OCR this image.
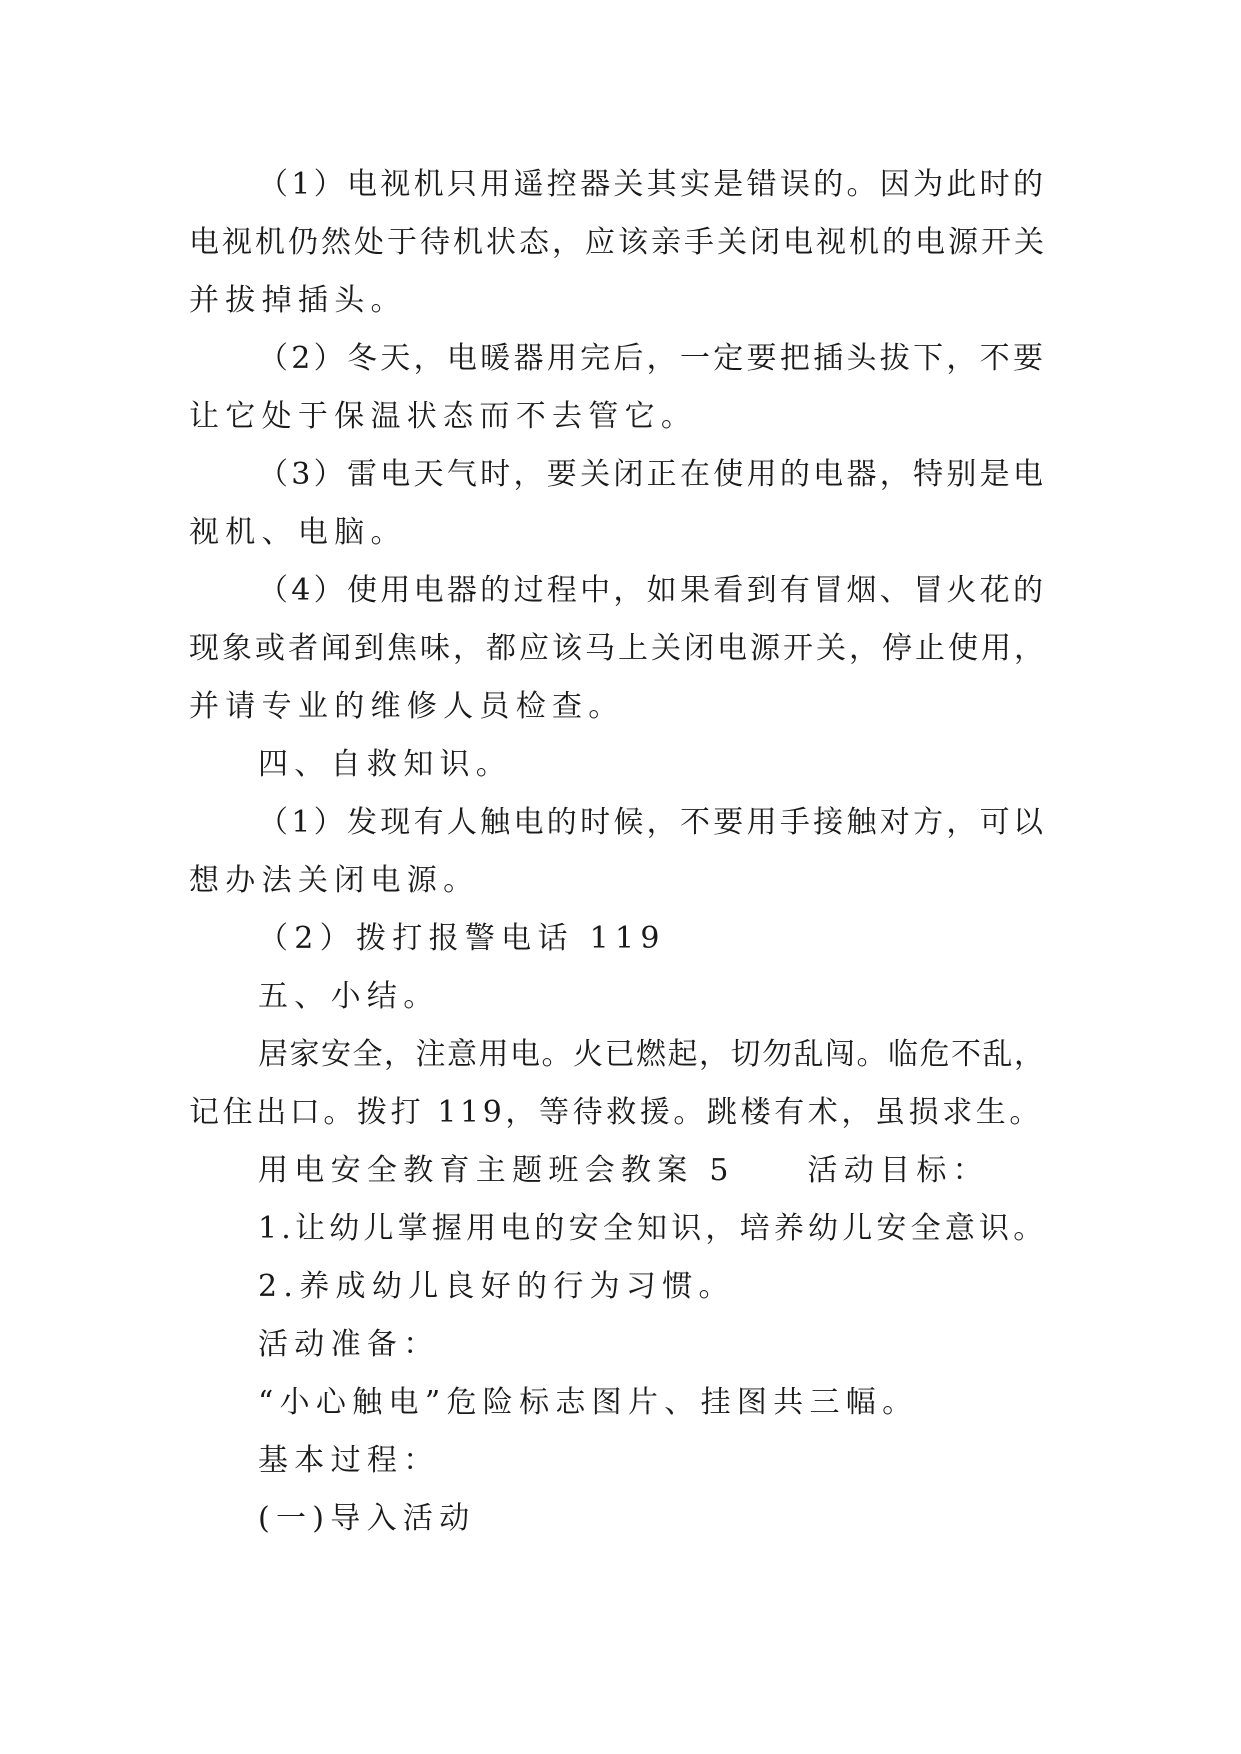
（1）电视机只用遥控器关其实是错误的。因为此时的
电视机仍然处于待机状态，应该亲手关闭电视机的电源开关
并拔掉插头。
（2）冬天，电暖器用完后，一定要把插头拔下，不要
让它处于保温状态而不去管它。
（3）雷电天气时，要关闭正在使用的电器，特别是电
视机、电脑。
（4）使用电器的过程中，如果看到有冒烟、冒火花的
现象或者闻到焦味，都应该马上关闭电源开关，停止使用，
并请专业的维修人员检查。
四、自救知识。
（1）发现有人触电的时候，不要用手接触对方，可以
想办法关闭电源。
（2）拨打报警电话 119
五、小结。
居家安全，注意用电。火已燃起，切勿乱闯。临危不乱，
记住出口。拨打 119，等待救援。跳楼有术，虽损求生。
用电安全教育主题班会教案 5　　活动目标：
1.让幼儿掌握用电的安全知识，培养幼儿安全意识。
2.养成幼儿良好的行为习惯。
活动准备：
“小心触电”危险标志图片、挂图共三幅。
基本过程：
(一)导入活动
